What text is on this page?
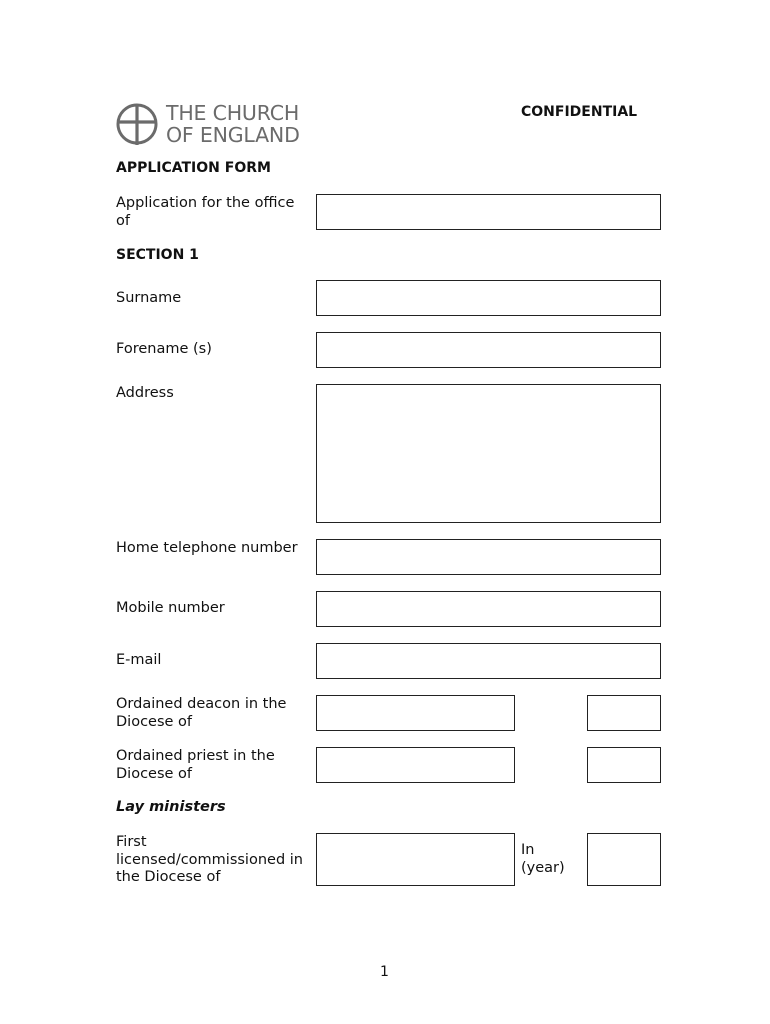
THE CHURCH
OF ENGLAND
CONFIDENTIAL
APPLICATION FORM
Application for the office of
SECTION 1
Surname
Forename (s)
Address
Home telephone number
Mobile number
E-mail
Ordained deacon in the Diocese of
Ordained priest in the Diocese of
Lay ministers
First licensed/commissioned in the Diocese of
In (year)
1
